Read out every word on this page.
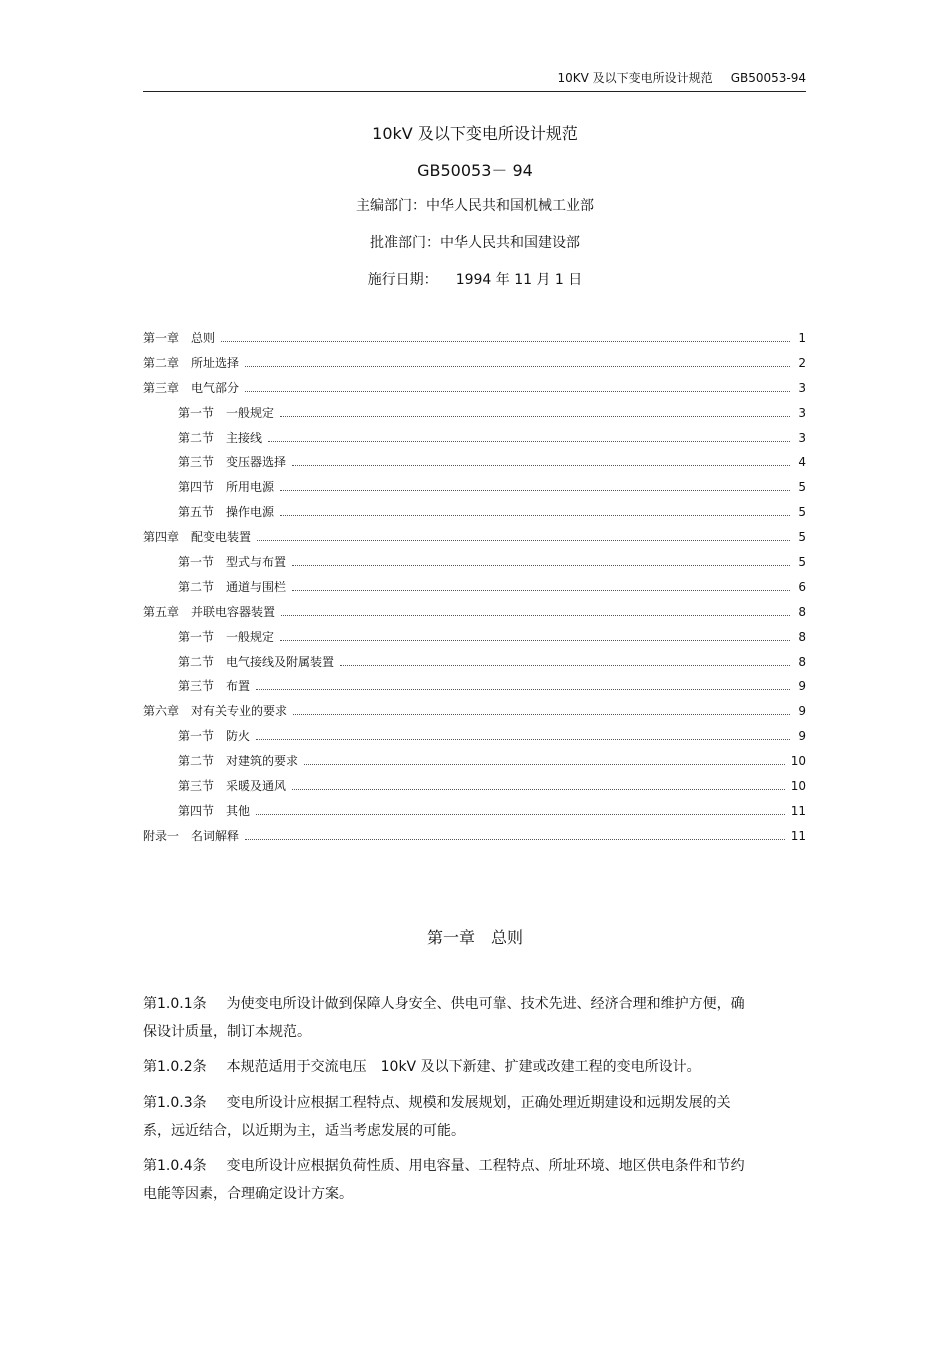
10KV 及以下变电所设计规范 GB50053-94
10kV 及以下变电所设计规范
GB50053－ 94
主编部门：中华人民共和国机械工业部
批准部门：中华人民共和国建设部
施行日期： 1994 年 11 月 1 日
第一章 总则	1
第二章 所址选择	2
第三章 电气部分	3
第一节 一般规定	3
第二节 主接线	3
第三节 变压器选择	4
第四节 所用电源	5
第五节 操作电源	5
第四章 配变电装置	5
第一节 型式与布置	5
第二节 通道与围栏	6
第五章 并联电容器装置	8
第一节 一般规定	8
第二节 电气接线及附属装置	8
第三节 布置	9
第六章 对有关专业的要求	9
第一节 防火	9
第二节 对建筑的要求	10
第三节 采暖及通风	10
第四节 其他	11
附录一 名词解释	11
第一章　总则
第1.0.1条 为使变电所设计做到保障人身安全、供电可靠、技术先进、经济合理和维护方便，确保设计质量，制订本规范。
第1.0.2条 本规范适用于交流电压　10kV 及以下新建、扩建或改建工程的变电所设计。
第1.0.3条 变电所设计应根据工程特点、规模和发展规划，正确处理近期建设和远期发展的关系，远近结合，以近期为主，适当考虑发展的可能。
第1.0.4条 变电所设计应根据负荷性质、用电容量、工程特点、所址环境、地区供电条件和节约电能等因素，合理确定设计方案。
